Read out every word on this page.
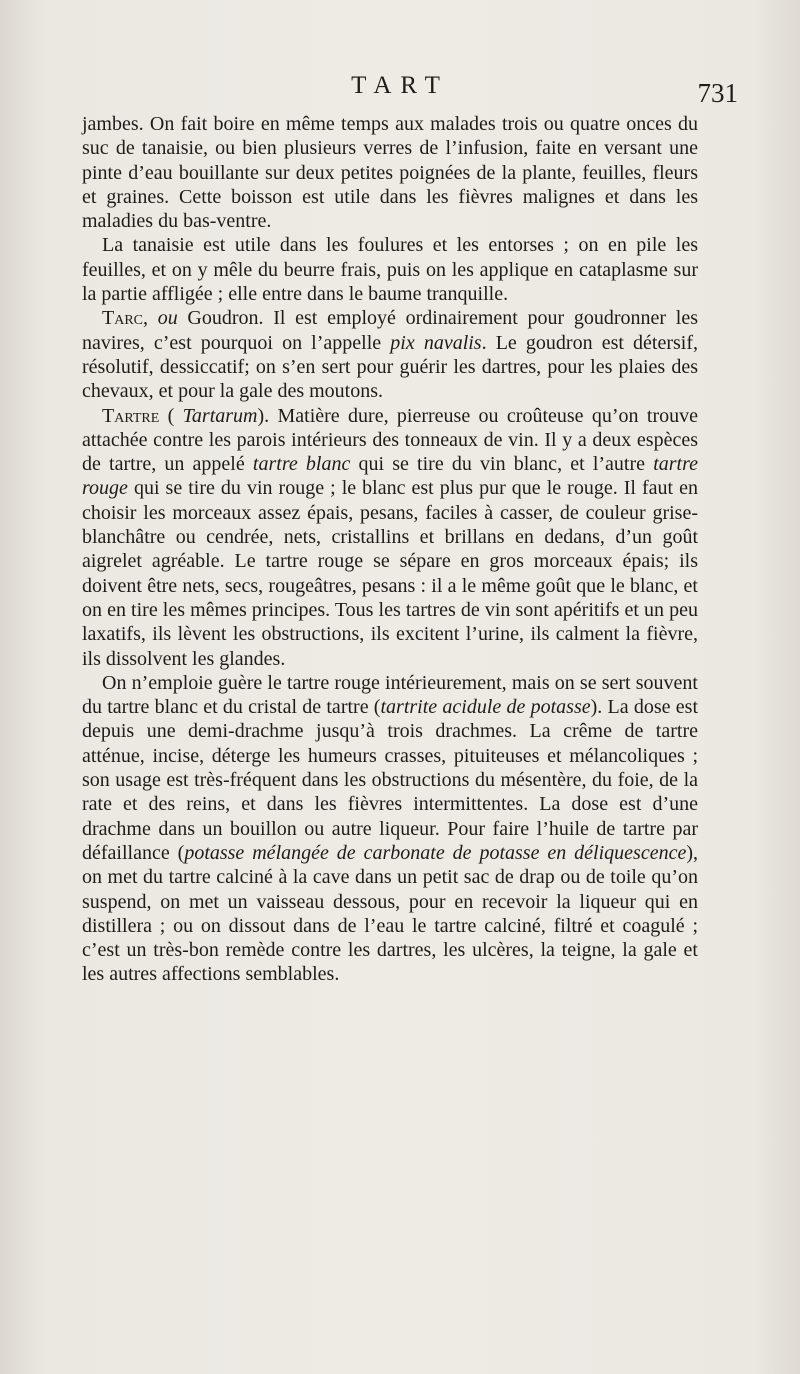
TART	731

jambes. On fait boire en même temps aux malades trois ou quatre onces du suc de tanaisie, ou bien plusieurs verres de l’infusion, faite en versant une pinte d’eau bouillante sur deux petites poignées de la plante, feuilles, fleurs et graines. Cette boisson est utile dans les fièvres malignes et dans les maladies du bas-ventre.

La tanaisie est utile dans les foulures et les entorses ; on en pile les feuilles, et on y mêle du beurre frais, puis on les applique en cataplasme sur la partie affligée ; elle entre dans le baume tranquille.

Tarc, ou Goudron. Il est employé ordinairement pour goudronner les navires, c’est pourquoi on l’appelle pix navalis. Le goudron est détersif, résolutif, dessiccatif; on s’en sert pour guérir les dartres, pour les plaies des chevaux, et pour la gale des moutons.

Tartre ( Tartarum). Matière dure, pierreuse ou croûteuse qu’on trouve attachée contre les parois intérieurs des tonneaux de vin. Il y a deux espèces de tartre, un appelé tartre blanc qui se tire du vin blanc, et l’autre tartre rouge qui se tire du vin rouge ; le blanc est plus pur que le rouge. Il faut en choisir les morceaux assez épais, pesans, faciles à casser, de couleur grise-blanchâtre ou cendrée, nets, cristallins et brillans en dedans, d’un goût aigrelet agréable. Le tartre rouge se sépare en gros morceaux épais; ils doivent être nets, secs, rougeâtres, pesans : il a le même goût que le blanc, et on en tire les mêmes principes. Tous les tartres de vin sont apéritifs et un peu laxatifs, ils lèvent les obstructions, ils excitent l’urine, ils calment la fièvre, ils dissolvent les glandes.

On n’emploie guère le tartre rouge intérieurement, mais on se sert souvent du tartre blanc et du cristal de tartre (tartrite acidule de potasse). La dose est depuis une demi-drachme jusqu’à trois drachmes. La crême de tartre atténue, incise, déterge les humeurs crasses, pituiteuses et mélancoliques ; son usage est très-fréquent dans les obstructions du mésentère, du foie, de la rate et des reins, et dans les fièvres intermittentes. La dose est d’une drachme dans un bouillon ou autre liqueur. Pour faire l’huile de tartre par défaillance (potasse mélangée de carbonate de potasse en déliquescence), on met du tartre calciné à la cave dans un petit sac de drap ou de toile qu’on suspend, on met un vaisseau dessous, pour en recevoir la liqueur qui en distillera ; ou on dissout dans de l’eau le tartre calciné, filtré et coagulé ; c’est un très-bon remède contre les dartres, les ulcères, la teigne, la gale et les autres affections semblables.
